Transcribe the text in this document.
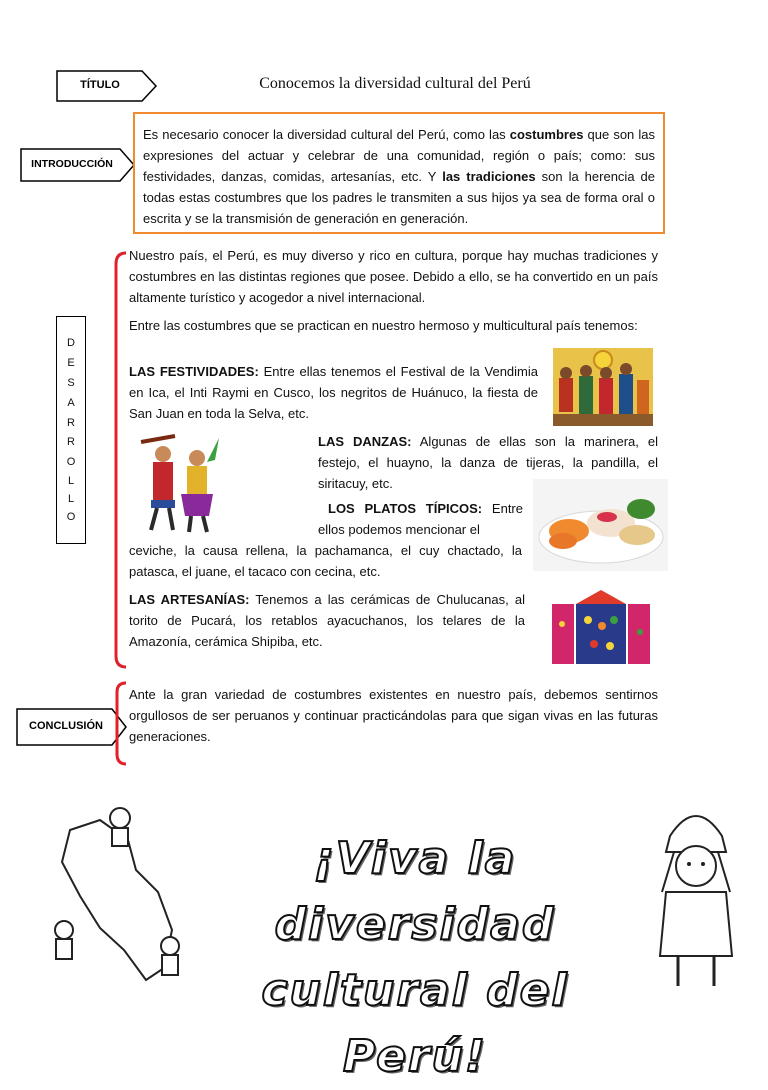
TÍTULO	Conocemos la diversidad cultural del Perú
INTRODUCCIÓN
Es necesario conocer la diversidad cultural del Perú, como las costumbres que son las expresiones del actuar y celebrar de una comunidad, región o país; como: sus festividades, danzas, comidas, artesanías, etc. Y las tradiciones son la herencia de todas estas costumbres que los padres le transmiten a sus hijos ya sea de forma oral o escrita y se la transmisión de generación en generación.
D
E
S
A
R
R
O
L
L
O
Nuestro país, el Perú, es muy diverso y rico en cultura, porque hay muchas tradiciones y costumbres en las distintas regiones que posee. Debido a ello, se ha convertido en un país altamente turístico y acogedor a nivel internacional.
Entre las costumbres que se practican en nuestro hermoso y multicultural país tenemos:
LAS FESTIVIDADES: Entre ellas tenemos el Festival de la Vendimia en Ica, el Inti Raymi en Cusco, los negritos de Huánuco, la fiesta de San Juan en toda la Selva, etc.
LAS DANZAS: Algunas de ellas son la marinera, el festejo, el huayno, la danza de tijeras, la pandilla, el siritacuy, etc.
LOS PLATOS TÍPICOS: Entre ellos podemos mencionar el
ceviche, la causa rellena, la pachamanca, el cuy chactado, la patasca, el juane, el tacaco con cecina, etc.
LAS ARTESANÍAS: Tenemos a las cerámicas de Chulucanas, al torito de Pucará, los retablos ayacuchanos, los telares de la Amazonía, cerámica Shipiba, etc.
CONCLUSIÓN
Ante la gran variedad de costumbres existentes en nuestro país, debemos sentirnos orgullosos de ser peruanos y continuar practicándolas para que sigan vivas en las futuras generaciones.
¡Viva la diversidad
cultural del Perú!
